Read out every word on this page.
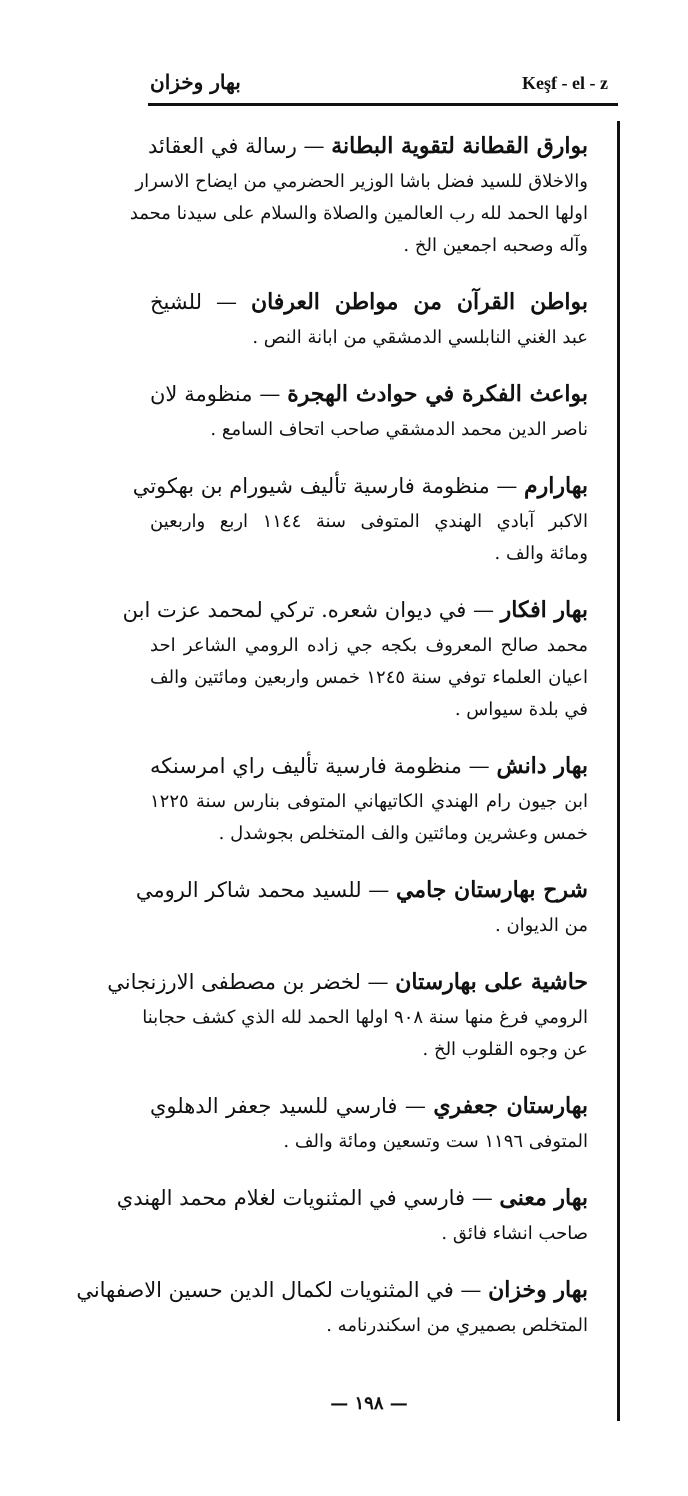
بهار وخزان	Keşf - el - z
بوارق القطانة لتقوية البطانة — رسالة في العقائد
والاخلاق للسيد فضل باشا الوزير الحضرمي من ايضاح الاسرار
اولها الحمد لله رب العالمين والصلاة والسلام على سيدنا محمد
وآله وصحبه اجمعين الخ .
بواطن القرآن من مواطن العرفان — للشيخ
عبد الغني النابلسي الدمشقي من ابانة النص .
بواعث الفكرة في حوادث الهجرة — منظومة لان
ناصر الدين محمد الدمشقي صاحب اتحاف السامع .
بهارارم — منظومة فارسية تأليف شيورام بن بهكوتي
الاكبر آبادي الهندي المتوفى سنة ١١٤٤ اربع واربعين
ومائة والف .
بهار افكار — في ديوان شعره. تركي لمحمد عزت ابن
محمد صالح المعروف بكجه جي زاده الرومي الشاعر احد
اعيان العلماء توفي سنة ١٢٤٥ خمس واربعين ومائتين والف
في بلدة سيواس .
بهار دانش — منظومة فارسية تأليف راي امرسنكه
ابن جيون رام الهندي الكاتيهاني المتوفى بنارس سنة ١٢٢٥
خمس وعشرين ومائتين والف المتخلص بجوشدل .
شرح بهارستان جامي — للسيد محمد شاكر الرومي
من الديوان .
حاشية على بهارستان — لخضر بن مصطفى الارزنجاني
الرومي فرغ منها سنة ٩٠٨ اولها الحمد لله الذي كشف حجابنا
عن وجوه القلوب الخ .
بهارستان جعفري — فارسي للسيد جعفر الدهلوي
المتوفى ١١٩٦ ست وتسعين ومائة والف .
بهار معنى — فارسي في المثنويات لغلام محمد الهندي
صاحب انشاء فائق .
بهار وخزان — في المثنويات لكمال الدين حسين الاصفهاني
المتخلص بصميري من اسكندرنامه .
— ١٩٨ —
